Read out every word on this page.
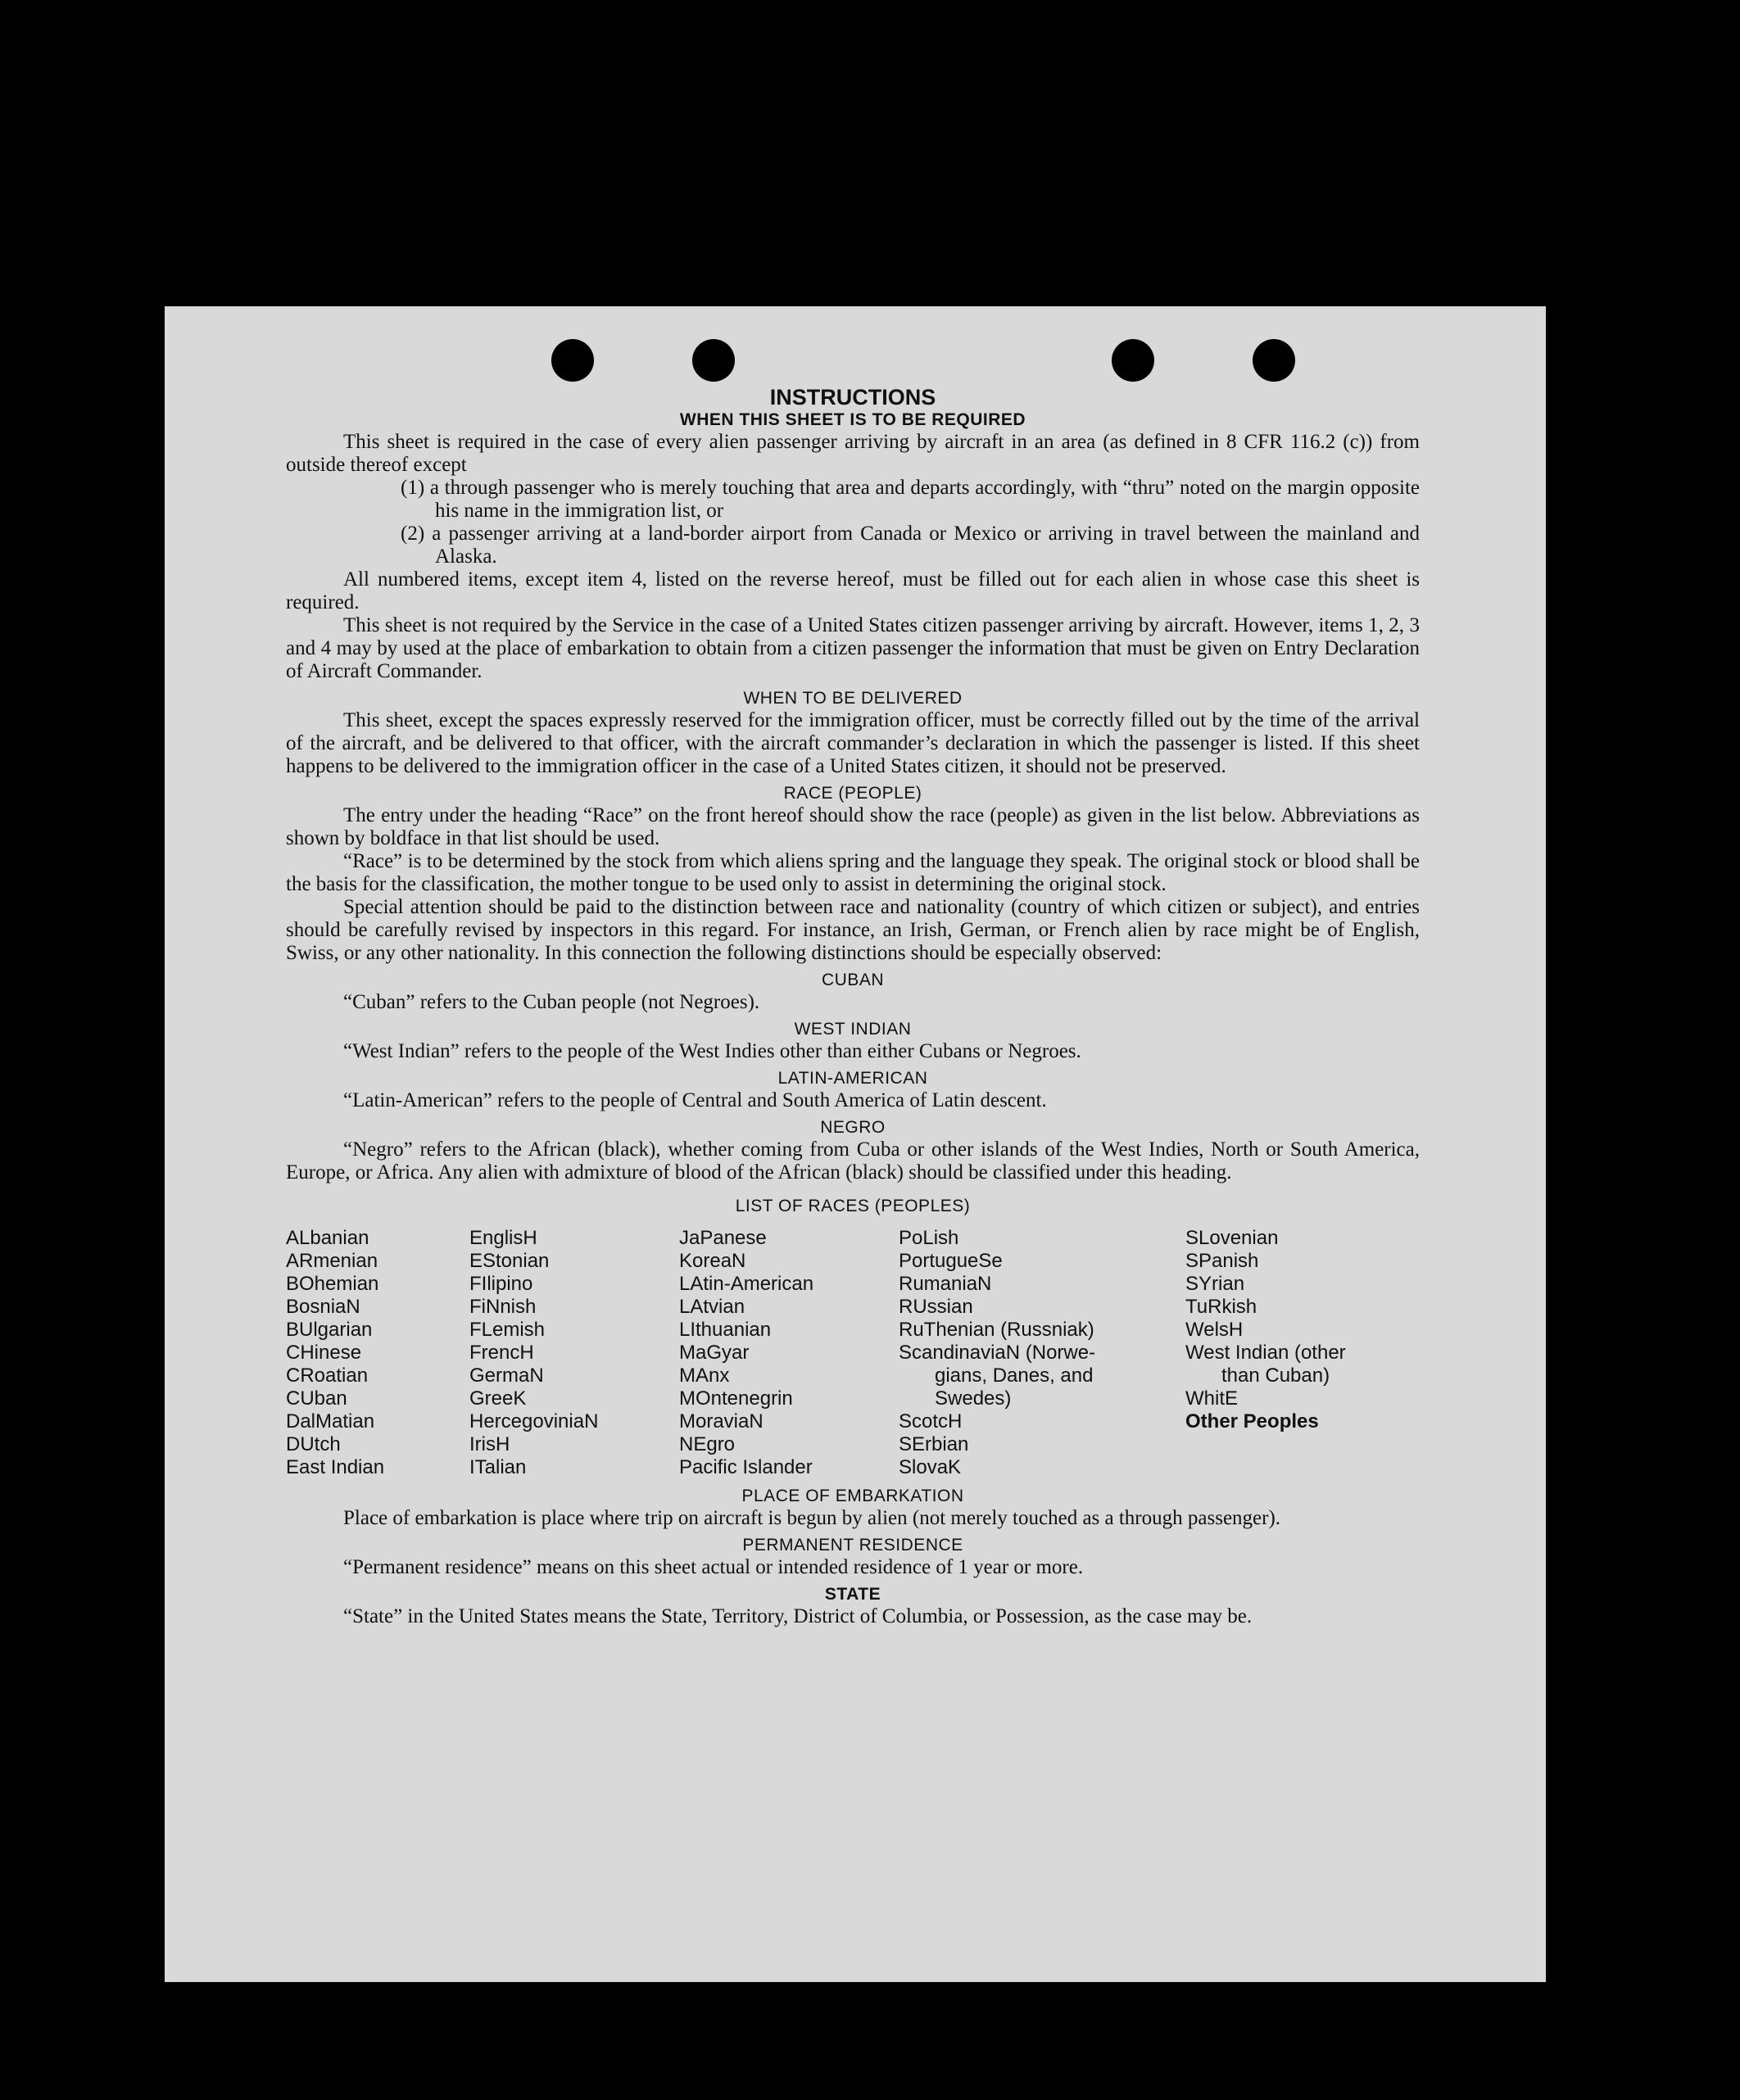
INSTRUCTIONS
WHEN THIS SHEET IS TO BE REQUIRED

This sheet is required in the case of every alien passenger arriving by aircraft in an area (as defined in 8 CFR 116.2 (c)) from outside thereof except

(1) a through passenger who is merely touching that area and departs accordingly, with “thru” noted on the margin opposite his name in the immigration list, or

(2) a passenger arriving at a land-border airport from Canada or Mexico or arriving in travel between the mainland and Alaska.

All numbered items, except item 4, listed on the reverse hereof, must be filled out for each alien in whose case this sheet is required.

This sheet is not required by the Service in the case of a United States citizen passenger arriving by aircraft. However, items 1, 2, 3 and 4 may by used at the place of embarkation to obtain from a citizen passenger the information that must be given on Entry Declaration of Aircraft Commander.

WHEN TO BE DELIVERED

This sheet, except the spaces expressly reserved for the immigration officer, must be correctly filled out by the time of the arrival of the aircraft, and be delivered to that officer, with the aircraft commander’s declaration in which the passenger is listed. If this sheet happens to be delivered to the immigration officer in the case of a United States citizen, it should not be preserved.

RACE (PEOPLE)

The entry under the heading “Race” on the front hereof should show the race (people) as given in the list below. Abbreviations as shown by boldface in that list should be used.

“Race” is to be determined by the stock from which aliens spring and the language they speak. The original stock or blood shall be the basis for the classification, the mother tongue to be used only to assist in determining the original stock.

Special attention should be paid to the distinction between race and nationality (country of which citizen or subject), and entries should be carefully revised by inspectors in this regard. For instance, an Irish, German, or French alien by race might be of English, Swiss, or any other nationality. In this connection the following distinctions should be especially observed:

CUBAN

“Cuban” refers to the Cuban people (not Negroes).

WEST INDIAN

“West Indian” refers to the people of the West Indies other than either Cubans or Negroes.

LATIN-AMERICAN

“Latin-American” refers to the people of Central and South America of Latin descent.

NEGRO

“Negro” refers to the African (black), whether coming from Cuba or other islands of the West Indies, North or South America, Europe, or Africa. Any alien with admixture of blood of the African (black) should be classified under this heading.

LIST OF RACES (PEOPLES)
ALbanian
ARmenian
BOhemian
BosniaN
BUlgarian
CHinese
CRoatian
CUban
DalMatian
DUtch
East Indian
EnglisH
EStonian
FIlipino
FiNnish
FLemish
FrencH
GermaN
GreeK
HercegoviniaN
IrisH
ITalian
JaPanese
KoreaN
LAtin-American
LAtvian
LIthuanian
MaGyar
MAnx
MOntenegrin
MoraviaN
NEgro
Pacific Islander
PoLish
PortugueSe
RumaniaN
RUssian
RuThenian (Russniak)
ScandinaviaN (Norwe-
gians, Danes, and
Swedes)
ScotcH
SErbian
SlovaK
SLovenian
SPanish
SYrian
TuRkish
WelsH
West Indian (other
than Cuban)
WhitE
Other Peoples
PLACE OF EMBARKATION

Place of embarkation is place where trip on aircraft is begun by alien (not merely touched as a through passenger).

PERMANENT RESIDENCE

“Permanent residence” means on this sheet actual or intended residence of 1 year or more.

STATE

“State” in the United States means the State, Territory, District of Columbia, or Possession, as the case may be.
